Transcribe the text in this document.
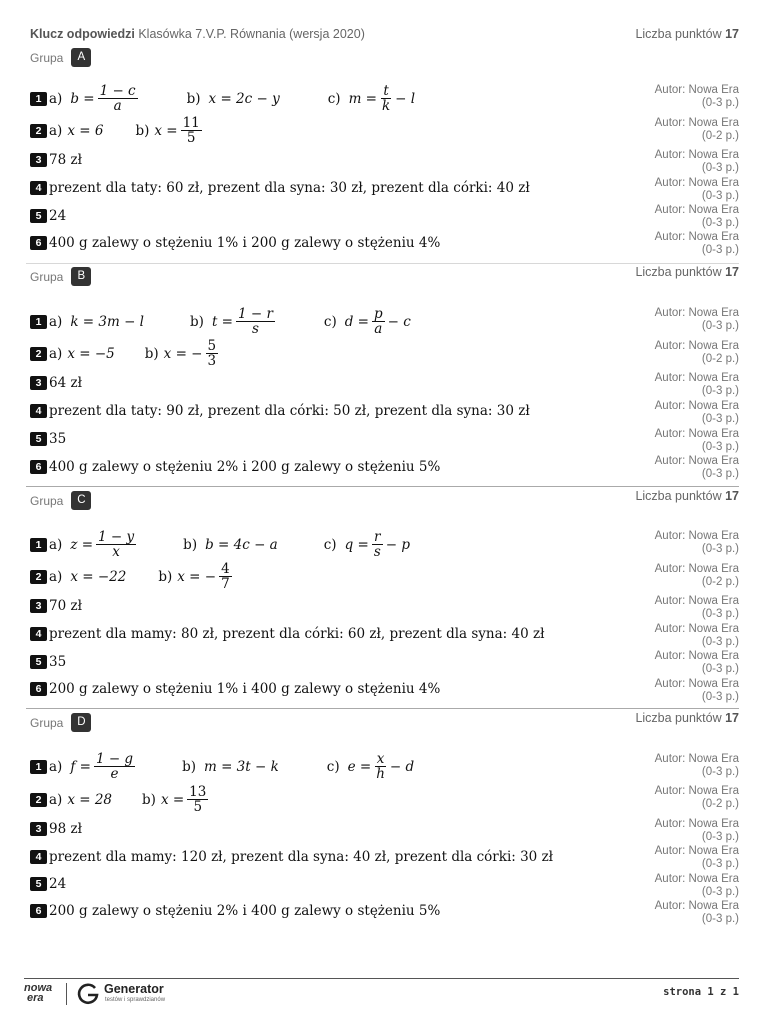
Klucz odpowiedzi Klasówka 7.V.P. Równania (wersja 2020)	Liczba punktów 17
Grupa	A
1 a) $b = \frac{1 - c}{a}$	b) x = 2c − y	c) $m = \frac{t}{k} - l$
Autor: Nowa Era
(0-3 p.)
2 a) x = 6 b) $x = \frac{11}{5}$	Autor: Nowa Era
(0-2 p.)
3 78 zł	Autor: Nowa Era
(0-3 p.)
4 prezent dla taty: 60 zł, prezent dla syna: 30 zł, prezent dla córki: 40 zł	Autor: Nowa Era
(0-3 p.)
5 24	Autor: Nowa Era
(0-3 p.)
6 400 g zalewy o stężeniu 1% i 200 g zalewy o stężeniu 4%	Autor: Nowa Era
(0-3 p.)
Grupa	B	Liczba punktów 17
1 a) k = 3m − l	b) $t = \frac{1 - r}{s}$	c) $d = \frac{p}{a} - c$
Autor: Nowa Era
(0-3 p.)
2 a) x = −5 b) x = − $\frac{5}{3}$	Autor: Nowa Era
(0-2 p.)
3 64 zł	Autor: Nowa Era
(0-3 p.)
4 prezent dla taty: 90 zł, prezent dla córki: 50 zł, prezent dla syna: 30 zł	Autor: Nowa Era
(0-3 p.)
5 35	Autor: Nowa Era
(0-3 p.)
6 400 g zalewy o stężeniu 2% i 200 g zalewy o stężeniu 5%	Autor: Nowa Era
(0-3 p.)
Grupa	C	Liczba punktów 17
1 a) $z = \frac{1 - y}{x}$	b) b = 4c − a	c) $q = \frac{r}{s} - p$
Autor: Nowa Era
(0-3 p.)
2 a) x = −22 b) x = − $\frac{4}{7}$	Autor: Nowa Era
(0-2 p.)
3 70 zł	Autor: Nowa Era
(0-3 p.)
4 prezent dla mamy: 80 zł, prezent dla córki: 60 zł, prezent dla syna: 40 zł	Autor: Nowa Era
(0-3 p.)
5 35	Autor: Nowa Era
(0-3 p.)
6 200 g zalewy o stężeniu 1% i 400 g zalewy o stężeniu 4%	Autor: Nowa Era
(0-3 p.)
Grupa	D	Liczba punktów 17
1 a) $f = \frac{1 - g}{e}$	b) m = 3t − k	c) $e = \frac{x}{h} - d$	Autor: Nowa Era
(0-3 p.)
2 a) x = 28 b) $x = \frac{13}{5}$	Autor: Nowa Era
(0-2 p.)
3 98 zł	Autor: Nowa Era
(0-3 p.)
4 prezent dla mamy: 120 zł, prezent dla syna: 40 zł, prezent dla córki: 30 zł	Autor: Nowa Era
(0-3 p.)
5 24	Autor: Nowa Era
(0-3 p.)
6 200 g zalewy o stężeniu 2% i 400 g zalewy o stężeniu 5%	Autor: Nowa Era
(0-3 p.)
nowa
era
Generator
testów i sprawdzianów
strona 1 z 1
